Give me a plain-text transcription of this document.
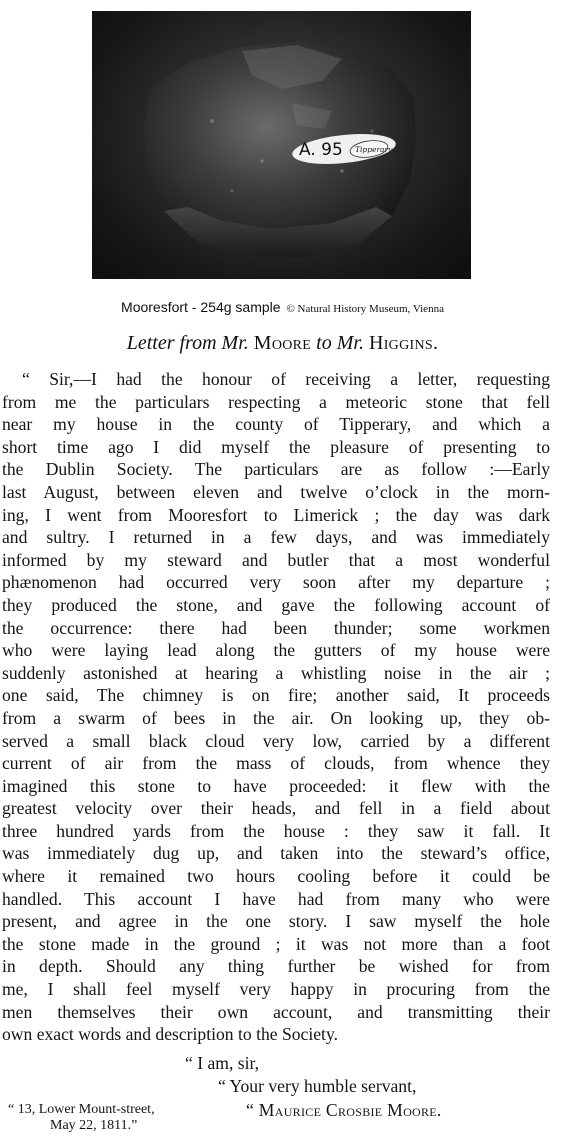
A. 95 Tipperary
Mooresfort - 254g sample © Natural History Museum, Vienna
Letter from Mr. Moore to Mr. Higgins.
“ Sir,—I had the honour of receiving a letter, requesting
from me the particulars respecting a meteoric stone that fell
near my house in the county of Tipperary, and which a
short time ago I did myself the pleasure of presenting to
the Dublin Society. The particulars are as follow :—Early
last August, between eleven and twelve o’clock in the morn-
ing, I went from Mooresfort to Limerick ; the day was dark
and sultry. I returned in a few days, and was immediately
informed by my steward and butler that a most wonderful
phænomenon had occurred very soon after my departure ;
they produced the stone, and gave the following account of
the occurrence: there had been thunder; some workmen
who were laying lead along the gutters of my house were
suddenly astonished at hearing a whistling noise in the air ;
one said, The chimney is on fire; another said, It proceeds
from a swarm of bees in the air. On looking up, they ob-
served a small black cloud very low, carried by a different
current of air from the mass of clouds, from whence they
imagined this stone to have proceeded: it flew with the
greatest velocity over their heads, and fell in a field about
three hundred yards from the house : they saw it fall. It
was immediately dug up, and taken into the steward’s office,
where it remained two hours cooling before it could be
handled. This account I have had from many who were
present, and agree in the one story. I saw myself the hole
the stone made in the ground ; it was not more than a foot
in depth. Should any thing further be wished for from
me, I shall feel myself very happy in procuring from the
men themselves their own account, and transmitting their
own exact words and description to the Society.
“ I am, sir,
“ Your very humble servant,
“ Maurice Crosbie Moore.
“ 13, Lower Mount-street,
May 22, 1811.”
